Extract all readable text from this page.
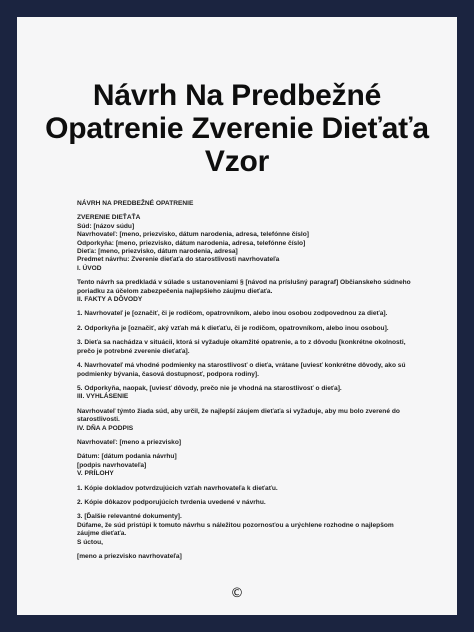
Návrh Na Predbežné
Opatrenie Zverenie Dieťaťa
Vzor
NÁVRH NA PREDBEŽNÉ OPATRENIE
ZVERENIE DIEŤAŤA
Súd: [názov súdu]
Navrhovateľ: [meno, priezvisko, dátum narodenia, adresa, telefónne číslo]
Odporkyňa: [meno, priezvisko, dátum narodenia, adresa, telefónne číslo]
Dieťa: [meno, priezvisko, dátum narodenia, adresa]
Predmet návrhu: Zverenie dieťaťa do starostlivosti navrhovateľa
I. ÚVOD
Tento návrh sa predkladá v súlade s ustanoveniami § [návod na príslušný paragraf] Občianskeho súdneho poriadku za účelom zabezpečenia najlepšieho záujmu dieťaťa.
II. FAKTY A DÔVODY
1. Navrhovateľ je [označiť, či je rodičom, opatrovníkom, alebo inou osobou zodpovednou za dieťa].
2. Odporkyňa je [označiť, aký vzťah má k dieťaťu, či je rodičom, opatrovníkom, alebo inou osobou].
3. Dieťa sa nachádza v situácii, ktorá si vyžaduje okamžité opatrenie, a to z dôvodu [konkrétne okolnosti, prečo je potrebné zverenie dieťaťa].
4. Navrhovateľ má vhodné podmienky na starostlivosť o dieťa, vrátane [uviesť konkrétne dôvody, ako sú podmienky bývania, časová dostupnosť, podpora rodiny].
5. Odporkyňa, naopak, [uviesť dôvody, prečo nie je vhodná na starostlivosť o dieťa].
III. VYHLÁSENIE
Navrhovateľ týmto žiada súd, aby určil, že najlepší záujem dieťaťa si vyžaduje, aby mu bolo zverené do starostlivosti.
IV. DŇA A PODPIS
Navrhovateľ: [meno a priezvisko]
Dátum: [dátum podania návrhu]
[podpis navrhovateľa]
V. PRÍLOHY
1. Kópie dokladov potvrdzujúcich vzťah navrhovateľa k dieťaťu.
2. Kópie dôkazov podporujúcich tvrdenia uvedené v návrhu.
3. [Ďalšie relevantné dokumenty].
Dúfame, že súd pristúpi k tomuto návrhu s náležitou pozornosťou a urýchlene rozhodne o najlepšom záujme dieťaťa.
S úctou,
[meno a priezvisko navrhovateľa]
©
